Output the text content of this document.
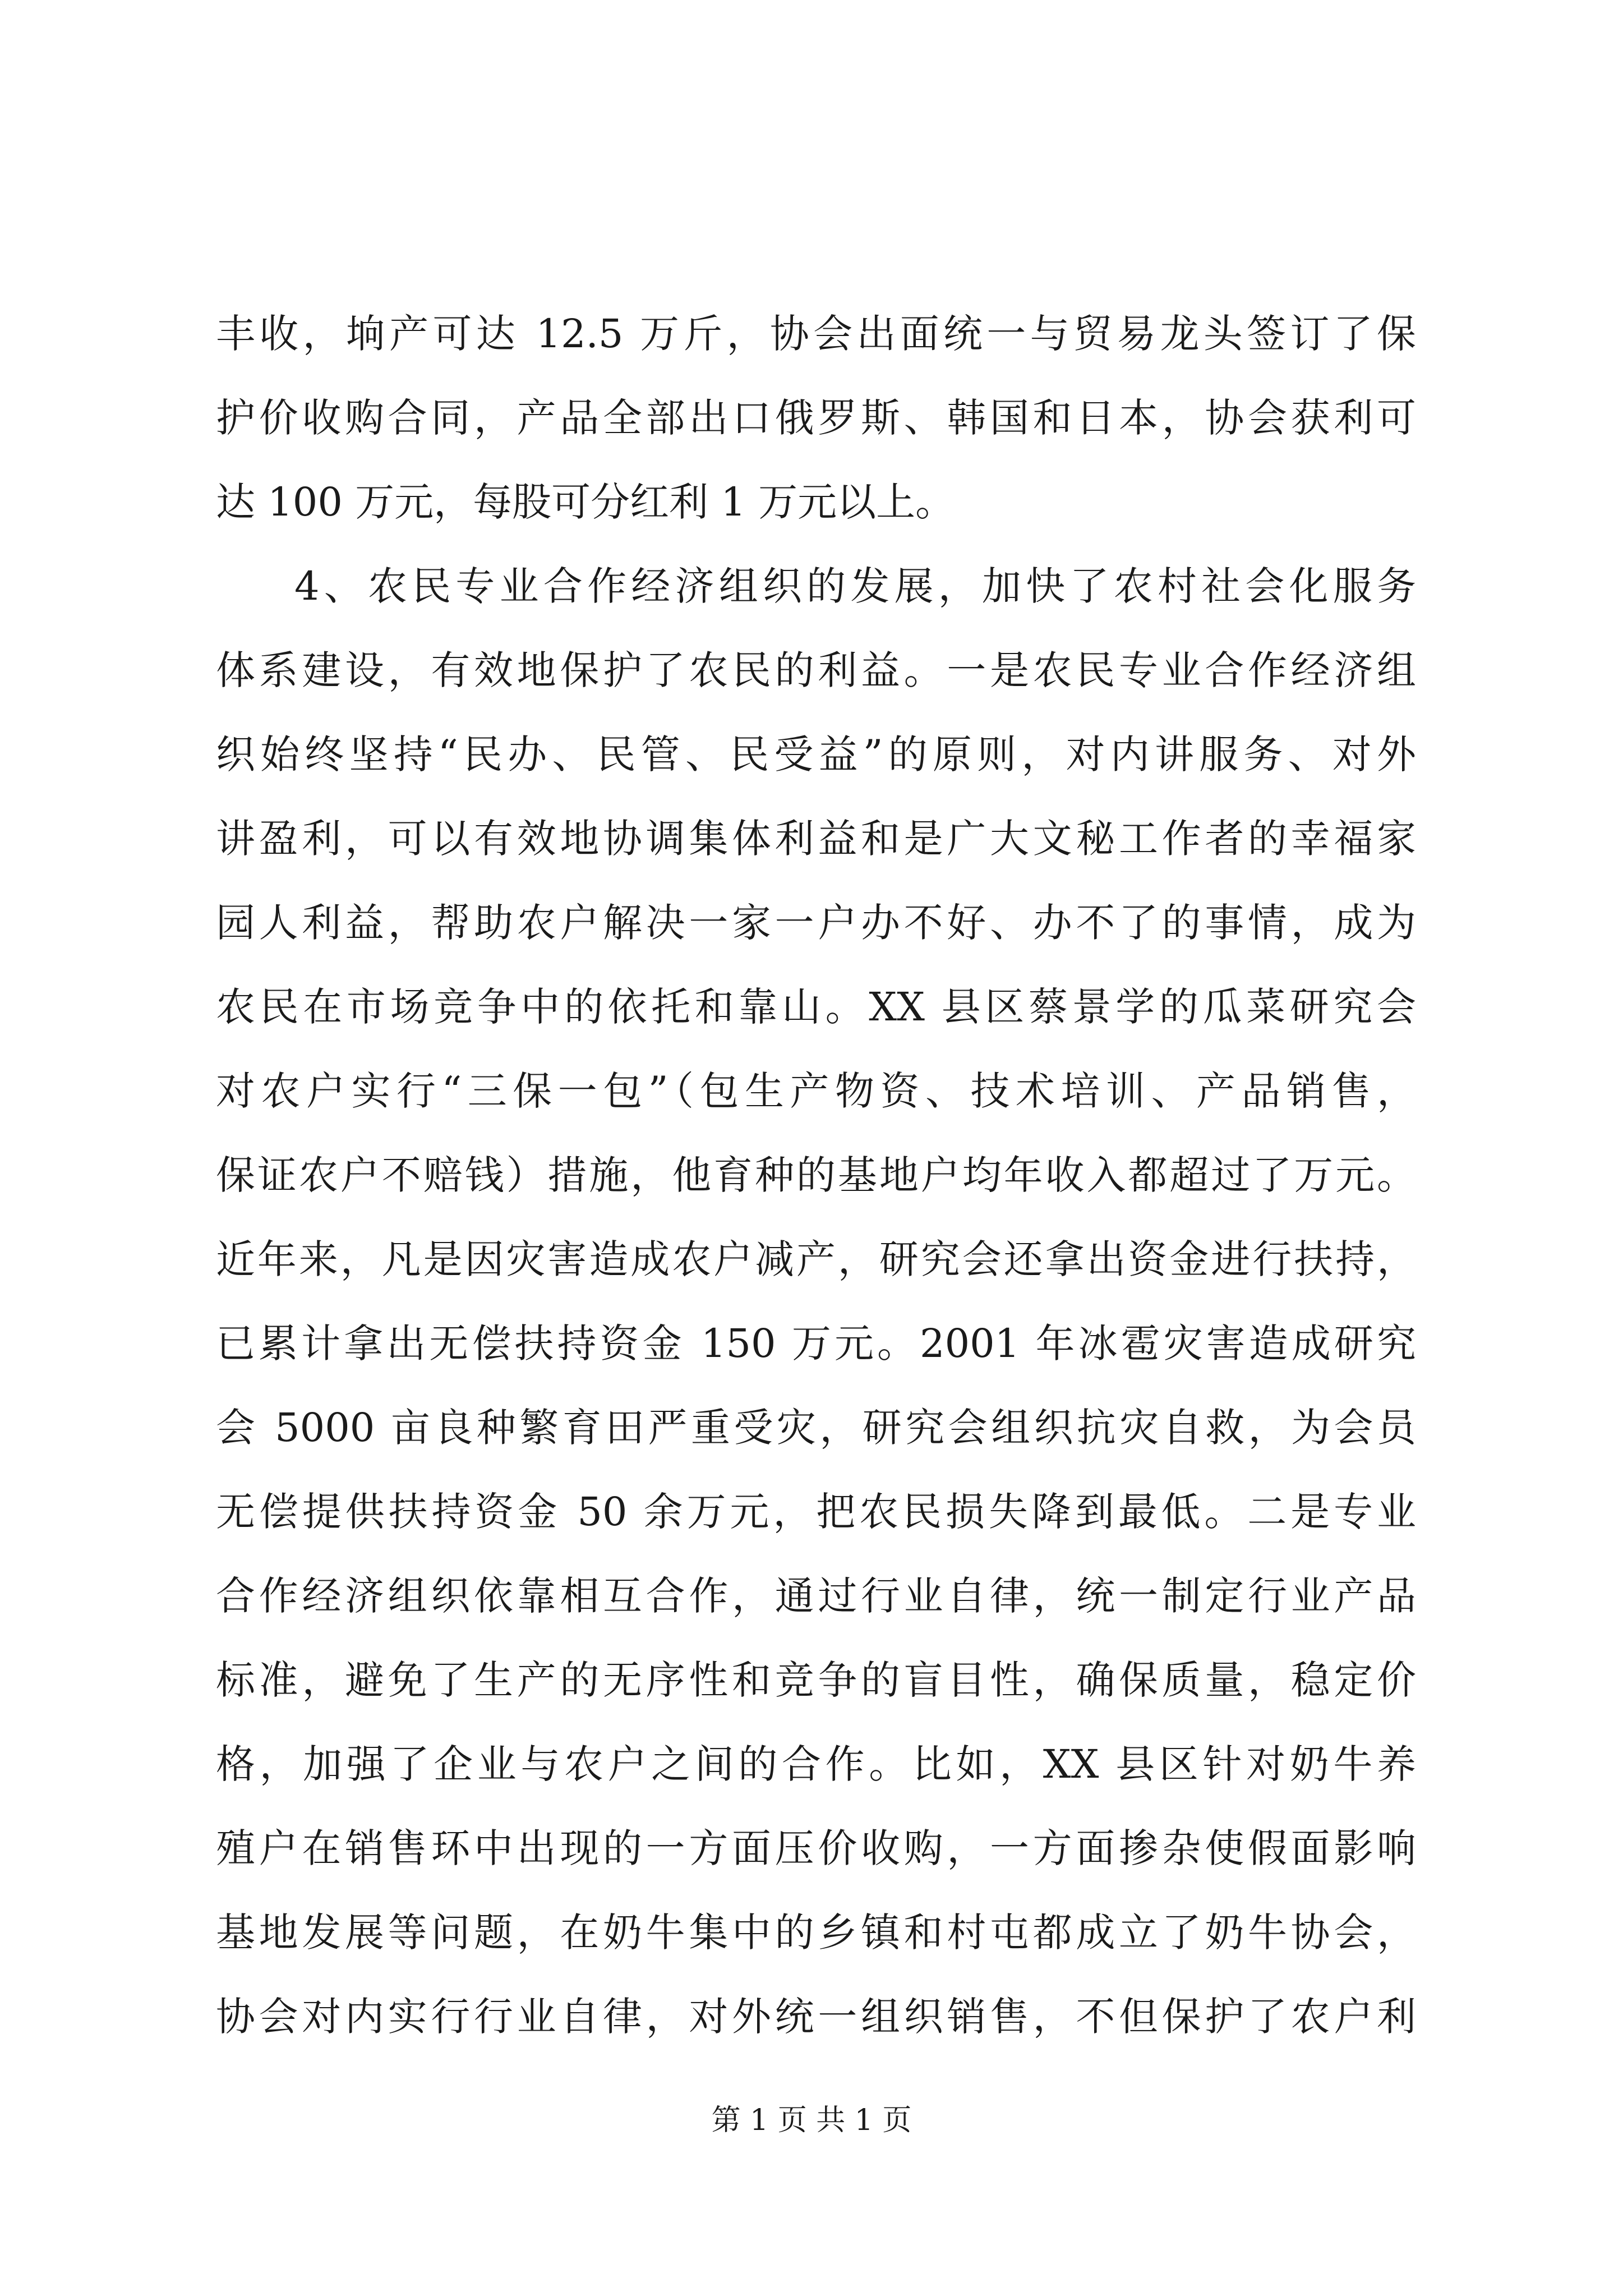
丰收，垧产可达 12.5 万斤，协会出面统一与贸易龙头签订了保
护价收购合同，产品全部出口俄罗斯、韩国和日本，协会获利可
达 100 万元，每股可分红利 1 万元以上。
4、农民专业合作经济组织的发展，加快了农村社会化服务
体系建设，有效地保护了农民的利益。一是农民专业合作经济组
织始终坚持“民办、民管、民受益”的原则，对内讲服务、对外
讲盈利，可以有效地协调集体利益和是广大文秘工作者的幸福家
园人利益，帮助农户解决一家一户办不好、办不了的事情，成为
农民在市场竞争中的依托和靠山。XX 县区蔡景学的瓜菜研究会
对农户实行“三保一包”（包生产物资、技术培训、产品销售，
保证农户不赔钱）措施，他育种的基地户均年收入都超过了万元。
近年来，凡是因灾害造成农户减产，研究会还拿出资金进行扶持，
已累计拿出无偿扶持资金 150 万元。2001 年冰雹灾害造成研究
会 5000 亩良种繁育田严重受灾，研究会组织抗灾自救，为会员
无偿提供扶持资金 50 余万元，把农民损失降到最低。二是专业
合作经济组织依靠相互合作，通过行业自律，统一制定行业产品
标准，避免了生产的无序性和竞争的盲目性，确保质量，稳定价
格，加强了企业与农户之间的合作。比如，XX 县区针对奶牛养
殖户在销售环中出现的一方面压价收购，一方面掺杂使假面影响
基地发展等问题，在奶牛集中的乡镇和村屯都成立了奶牛协会，
协会对内实行行业自律，对外统一组织销售，不但保护了农户利
第 1 页 共 1 页
